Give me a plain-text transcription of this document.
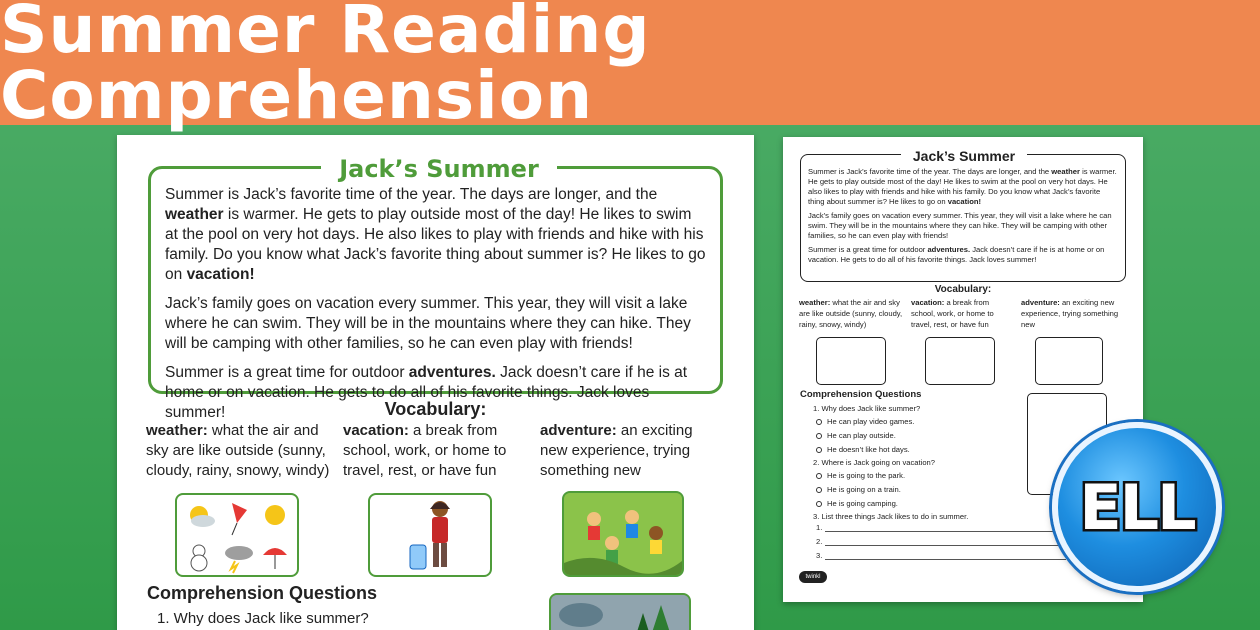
Summer Reading Comprehension
Jack’s Summer

Summer is Jack’s favorite time of the year. The days are longer, and the weather is warmer. He gets to play outside most of the day! He likes to swim at the pool on very hot days. He also likes to play with friends and hike with his family. Do you know what Jack’s favorite thing about summer is? He likes to go on vacation!

Jack’s family goes on vacation every summer. This year, they will visit a lake where he can swim. They will be in the mountains where they can hike. They will be camping with other families, so he can even play with friends!

Summer is a great time for outdoor adventures. Jack doesn’t care if he is at home or on vacation. He gets to do all of his favorite things. Jack loves summer!	Vocabulary:
weather: what the air and sky are like outside (sunny, cloudy, rainy, snowy, windy)
vacation: a break from school, work, or home to travel, rest, or have fun
adventure: an exciting new experience, trying something new
Comprehension Questions
1. Why does Jack like summer?
Jack’s Summer

Summer is Jack’s favorite time of the year. The days are longer, and the weather is warmer. He gets to play outside most of the day! He likes to swim at the pool on very hot days. He also likes to play with friends and hike with his family. Do you know what Jack’s favorite thing about summer is? He likes to go on vacation!

Jack’s family goes on vacation every summer. This year, they will visit a lake where he can swim. They will be in the mountains where they can hike. They will be camping with other families, so he can even play with friends!

Summer is a great time for outdoor adventures. Jack doesn’t care if he is at home or on vacation. He gets to do all of his favorite things. Jack loves summer!

Vocabulary:
weather: what the air and sky are like outside (sunny, cloudy, rainy, snowy, windy)
vacation: a break from school, work, or home to travel, rest, or have fun
adventure: an exciting new experience, trying something new
Comprehension Questions
1. Why does Jack like summer?
He can play video games.
He can play outside.
He doesn’t like hot days.
2. Where is Jack going on vacation?
He is going to the park.
He is going on a train.
He is going camping.
3. List three things Jack likes to do in summer.
1.
2.
3.
twinkl
ELL
